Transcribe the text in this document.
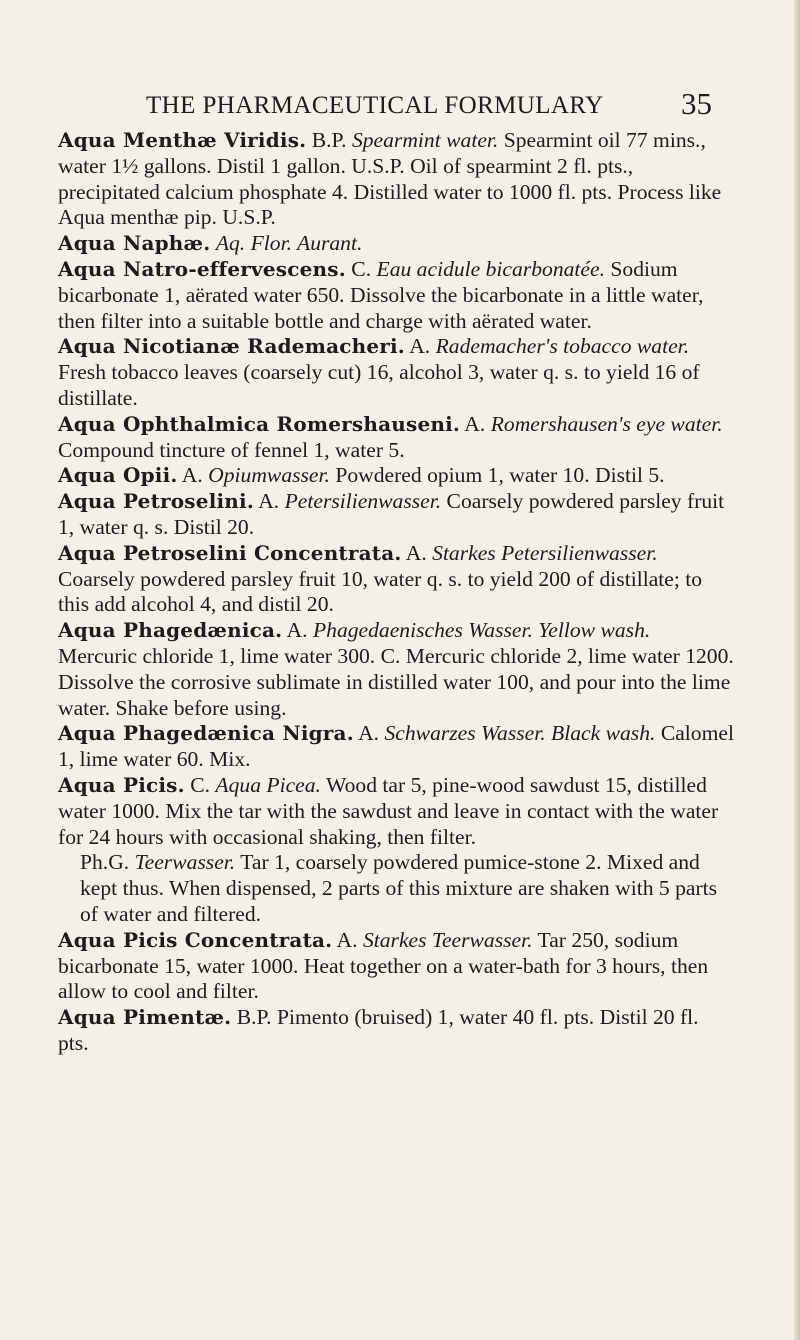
THE PHARMACEUTICAL FORMULARY 35

Aqua Menthæ Viridis. B.P. Spearmint water. Spearmint oil 77 mins., water 1½ gallons. Distil 1 gallon. U.S.P. Oil of spearmint 2 fl. pts., precipitated calcium phosphate 4. Distilled water to 1000 fl. pts. Process like Aqua menthæ pip. U.S.P.

Aqua Naphæ. Aq. Flor. Aurant.

Aqua Natro-effervescens. C. Eau acidule bicarbonatée. Sodium bicarbonate 1, aërated water 650. Dissolve the bicarbonate in a little water, then filter into a suitable bottle and charge with aërated water.

Aqua Nicotianæ Rademacheri. A. Rademacher's tobacco water. Fresh tobacco leaves (coarsely cut) 16, alcohol 3, water q. s. to yield 16 of distillate.

Aqua Ophthalmica Romershauseni. A. Romershausen's eye water. Compound tincture of fennel 1, water 5.

Aqua Opii. A. Opiumwasser. Powdered opium 1, water 10. Distil 5.

Aqua Petroselini. A. Petersilienwasser. Coarsely powdered parsley fruit 1, water q. s. Distil 20.

Aqua Petroselini Concentrata. A. Starkes Petersilienwasser. Coarsely powdered parsley fruit 10, water q. s. to yield 200 of distillate; to this add alcohol 4, and distil 20.

Aqua Phagedænica. A. Phagedaenisches Wasser. Yellow wash. Mercuric chloride 1, lime water 300. C. Mercuric chloride 2, lime water 1200. Dissolve the corrosive sublimate in distilled water 100, and pour into the lime water. Shake before using.

Aqua Phagedænica Nigra. A. Schwarzes Wasser. Black wash. Calomel 1, lime water 60. Mix.

Aqua Picis. C. Aqua Picea. Wood tar 5, pine-wood sawdust 15, distilled water 1000. Mix the tar with the sawdust and leave in contact with the water for 24 hours with occasional shaking, then filter.
Ph.G. Teerwasser. Tar 1, coarsely powdered pumice-stone 2. Mixed and kept thus. When dispensed, 2 parts of this mixture are shaken with 5 parts of water and filtered.

Aqua Picis Concentrata. A. Starkes Teerwasser. Tar 250, sodium bicarbonate 15, water 1000. Heat together on a water-bath for 3 hours, then allow to cool and filter.

Aqua Pimentæ. B.P. Pimento (bruised) 1, water 40 fl. pts. Distil 20 fl. pts.
